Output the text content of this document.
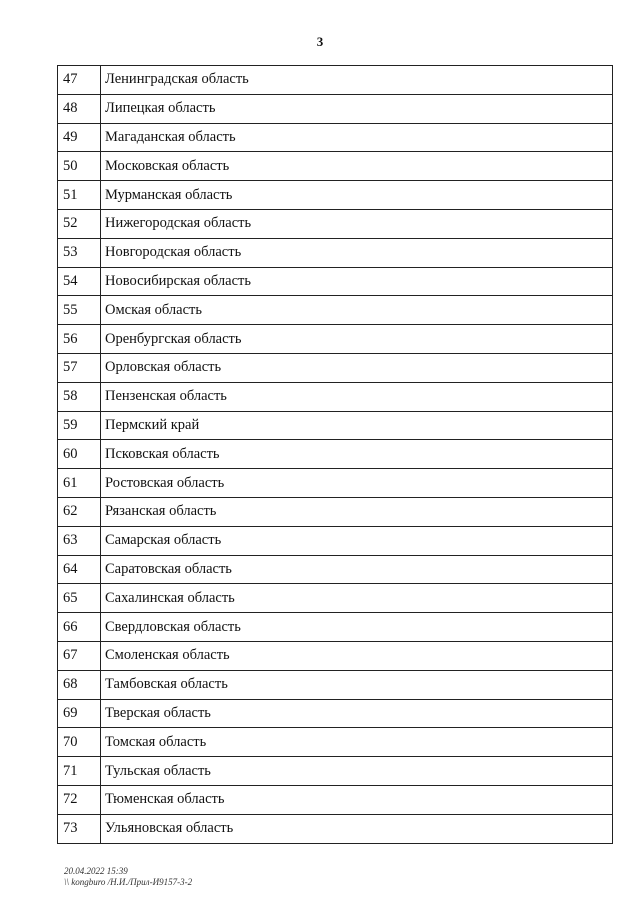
3
47	Ленинградская область
48	Липецкая область
49	Магаданская область
50	Московская область
51	Мурманская область
52	Нижегородская область
53	Новгородская область
54	Новосибирская область
55	Омская область
56	Оренбургская область
57	Орловская область
58	Пензенская область
59	Пермский край
60	Псковская область
61	Ростовская область
62	Рязанская область
63	Самарская область
64	Саратовская область
65	Сахалинская область
66	Свердловская область
67	Смоленская область
68	Тамбовская область
69	Тверская область
70	Томская область
71	Тульская область
72	Тюменская область
73	Ульяновская область
20.04.2022 15:39
\\ kongburo /Н.И./Прил-И9157-3-2
